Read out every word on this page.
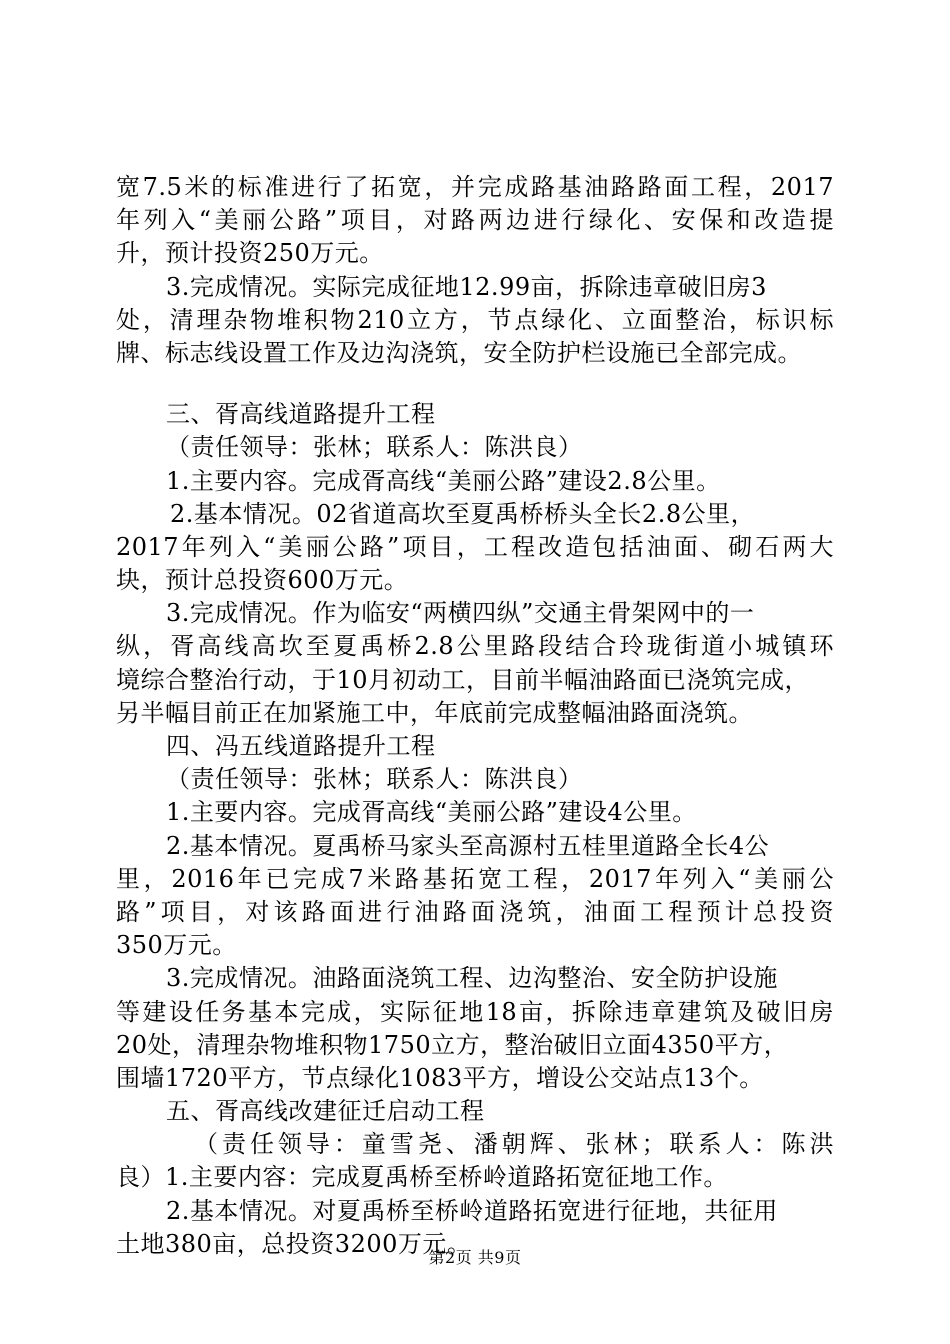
宽7.5米的标准进行了拓宽，并完成路基油路路面工程，2017
年列入“美丽公路”项目，对路两边进行绿化、安保和改造提
升，预计投资250万元。
3.完成情况。实际完成征地12.99亩，拆除违章破旧房3
处，清理杂物堆积物210立方，节点绿化、立面整治，标识标
牌、标志线设置工作及边沟浇筑，安全防护栏设施已全部完成。
三、胥高线道路提升工程
（责任领导：张林；联系人：陈洪良）
1.主要内容。完成胥高线“美丽公路”建设2.8公里。
2.基本情况。02省道高坎至夏禹桥桥头全长2.8公里，
2017年列入“美丽公路”项目，工程改造包括油面、砌石两大
块，预计总投资600万元。
3.完成情况。作为临安“两横四纵”交通主骨架网中的一
纵，胥高线高坎至夏禹桥2.8公里路段结合玲珑街道小城镇环
境综合整治行动，于10月初动工，目前半幅油路面已浇筑完成，
另半幅目前正在加紧施工中，年底前完成整幅油路面浇筑。
四、冯五线道路提升工程
（责任领导：张林；联系人：陈洪良）
1.主要内容。完成胥高线“美丽公路”建设4公里。
2.基本情况。夏禹桥马家头至高源村五桂里道路全长4公
里，2016年已完成7米路基拓宽工程，2017年列入“美丽公
路”项目，对该路面进行油路面浇筑，油面工程预计总投资
350万元。
3.完成情况。油路面浇筑工程、边沟整治、安全防护设施
等建设任务基本完成，实际征地18亩，拆除违章建筑及破旧房
20处，清理杂物堆积物1750立方，整治破旧立面4350平方，
围墙1720平方，节点绿化1083平方，增设公交站点13个。
五、胥高线改建征迁启动工程
（责任领导：童雪尧、潘朝辉、张林；联系人：陈洪
良）1.主要内容：完成夏禹桥至桥岭道路拓宽征地工作。
2.基本情况。对夏禹桥至桥岭道路拓宽进行征地，共征用
土地380亩，总投资3200万元。
第2页 共9页
